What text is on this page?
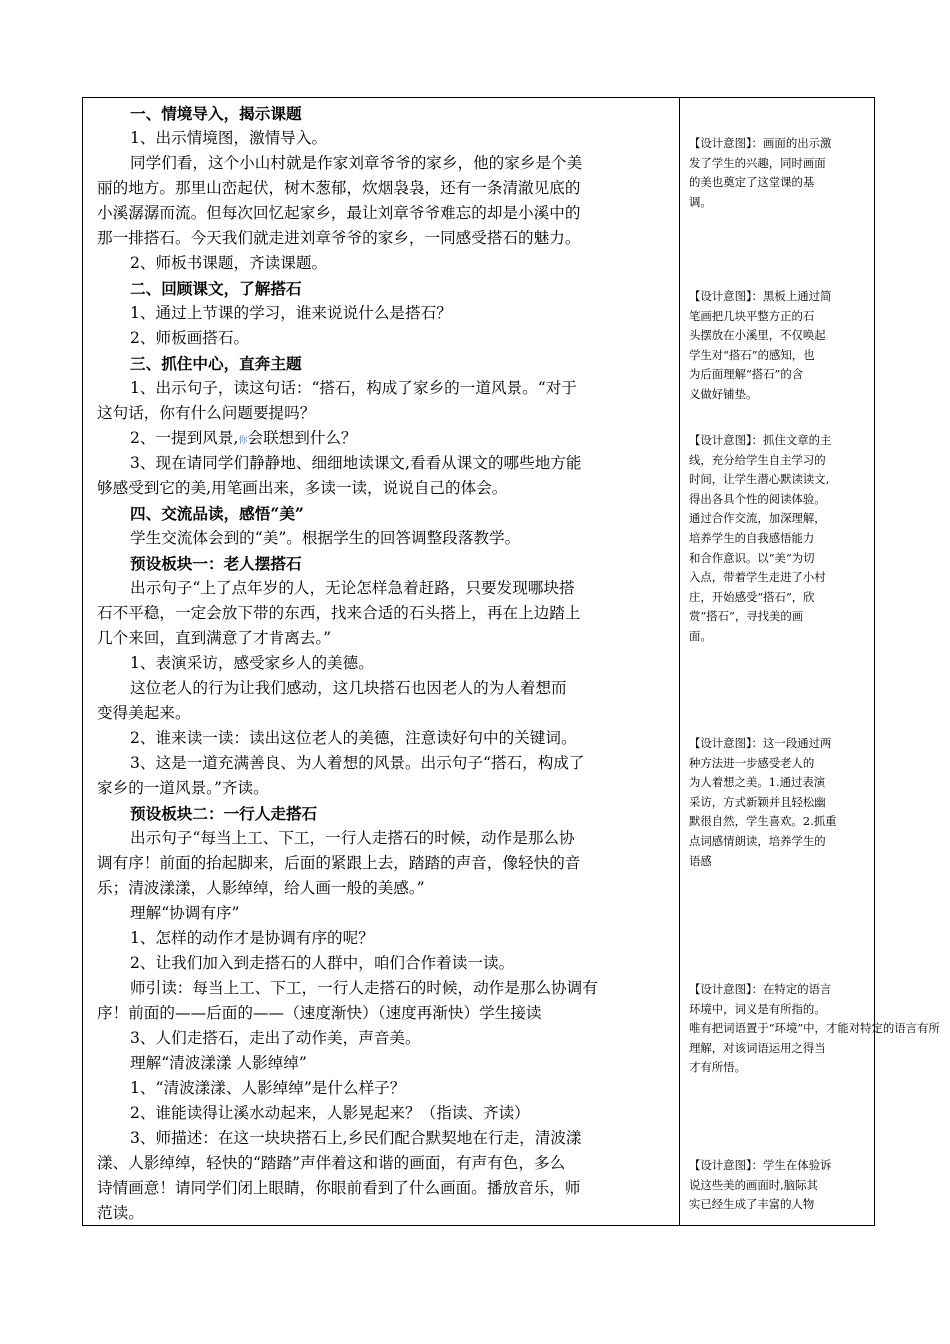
一、情境导入，揭示课题
1、出示情境图，激情导入。
同学们看，这个小山村就是作家刘章爷爷的家乡，他的家乡是个美
丽的地方。那里山峦起伏，树木葱郁，炊烟袅袅，还有一条清澈见底的
小溪潺潺而流。但每次回忆起家乡，最让刘章爷爷难忘的却是小溪中的
那一排搭石。今天我们就走进刘章爷爷的家乡，一同感受搭石的魅力。
2、师板书课题，齐读课题。
二、回顾课文，了解搭石
1、通过上节课的学习，谁来说说什么是搭石？
2、师板画搭石。
三、抓住中心，直奔主题
1、出示句子，读这句话：“搭石，构成了家乡的一道风景。“对于
这句话，你有什么问题要提吗？
2、一提到风景,你会联想到什么？
3、现在请同学们静静地、细细地读课文,看看从课文的哪些地方能
够感受到它的美,用笔画出来，多读一读，说说自己的体会。
四、交流品读，感悟“美”
学生交流体会到的“美”。根据学生的回答调整段落教学。
预设板块一：老人摆搭石
出示句子“上了点年岁的人，无论怎样急着赶路，只要发现哪块搭
石不平稳，一定会放下带的东西，找来合适的石头搭上，再在上边踏上
几个来回，直到满意了才肯离去。”
1、表演采访，感受家乡人的美德。
这位老人的行为让我们感动，这几块搭石也因老人的为人着想而
变得美起来。
2、谁来读一读：读出这位老人的美德，注意读好句中的关键词。
3、这是一道充满善良、为人着想的风景。出示句子“搭石，构成了
家乡的一道风景。”齐读。
预设板块二：一行人走搭石
出示句子“每当上工、下工，一行人走搭石的时候，动作是那么协
调有序！前面的抬起脚来，后面的紧跟上去，踏踏的声音，像轻快的音
乐；清波漾漾，人影绰绰，给人画一般的美感。”
理解“协调有序”
1、怎样的动作才是协调有序的呢？
2、让我们加入到走搭石的人群中，咱们合作着读一读。
师引读：每当上工、下工，一行人走搭石的时候，动作是那么协调有
序！前面的——后面的——（速度渐快）（速度再渐快）学生接读
3、人们走搭石，走出了动作美，声音美。
理解“清波漾漾 人影绰绰”
1、“清波漾漾、人影绰绰”是什么样子？
2、谁能读得让溪水动起来，人影晃起来？（指读、齐读）
3、师描述：在这一块块搭石上,乡民们配合默契地在行走，清波漾
漾、人影绰绰，轻快的“踏踏”声伴着这和谐的画面，有声有色，多么
诗情画意！请同学们闭上眼睛，你眼前看到了什么画面。播放音乐，师
范读。
【设计意图】：画面的出示激
发了学生的兴趣，同时画面
的美也奠定了这堂课的基
调。
【设计意图】：黑板上通过简
笔画把几块平整方正的石
头摆放在小溪里，不仅唤起
学生对“搭石”的感知，也
为后面理解“搭石”的含
义做好铺垫。
【设计意图】：抓住文章的主
线，充分给学生自主学习的
时间，让学生潜心默读读文,
得出各具个性的阅读体验。
通过合作交流，加深理解，
培养学生的自我感悟能力
和合作意识。以“美”为切
入点，带着学生走进了小村
庄，开始感受“搭石”，欣
赏“搭石”，寻找美的画
面。
【设计意图】：这一段通过两
种方法进一步感受老人的
为人着想之美。1.通过表演
采访，方式新颖并且轻松幽
默很自然，学生喜欢。2.抓重
点词感情朗读，培养学生的
语感
【设计意图】：在特定的语言
环境中，词义是有所指的。
唯有把词语置于“环境”中，才能对特定的语言有所
理解，对该词语运用之得当
才有所悟。
【设计意图】：学生在体验诉
说这些美的画面时,脑际其
实已经生成了丰富的人物
